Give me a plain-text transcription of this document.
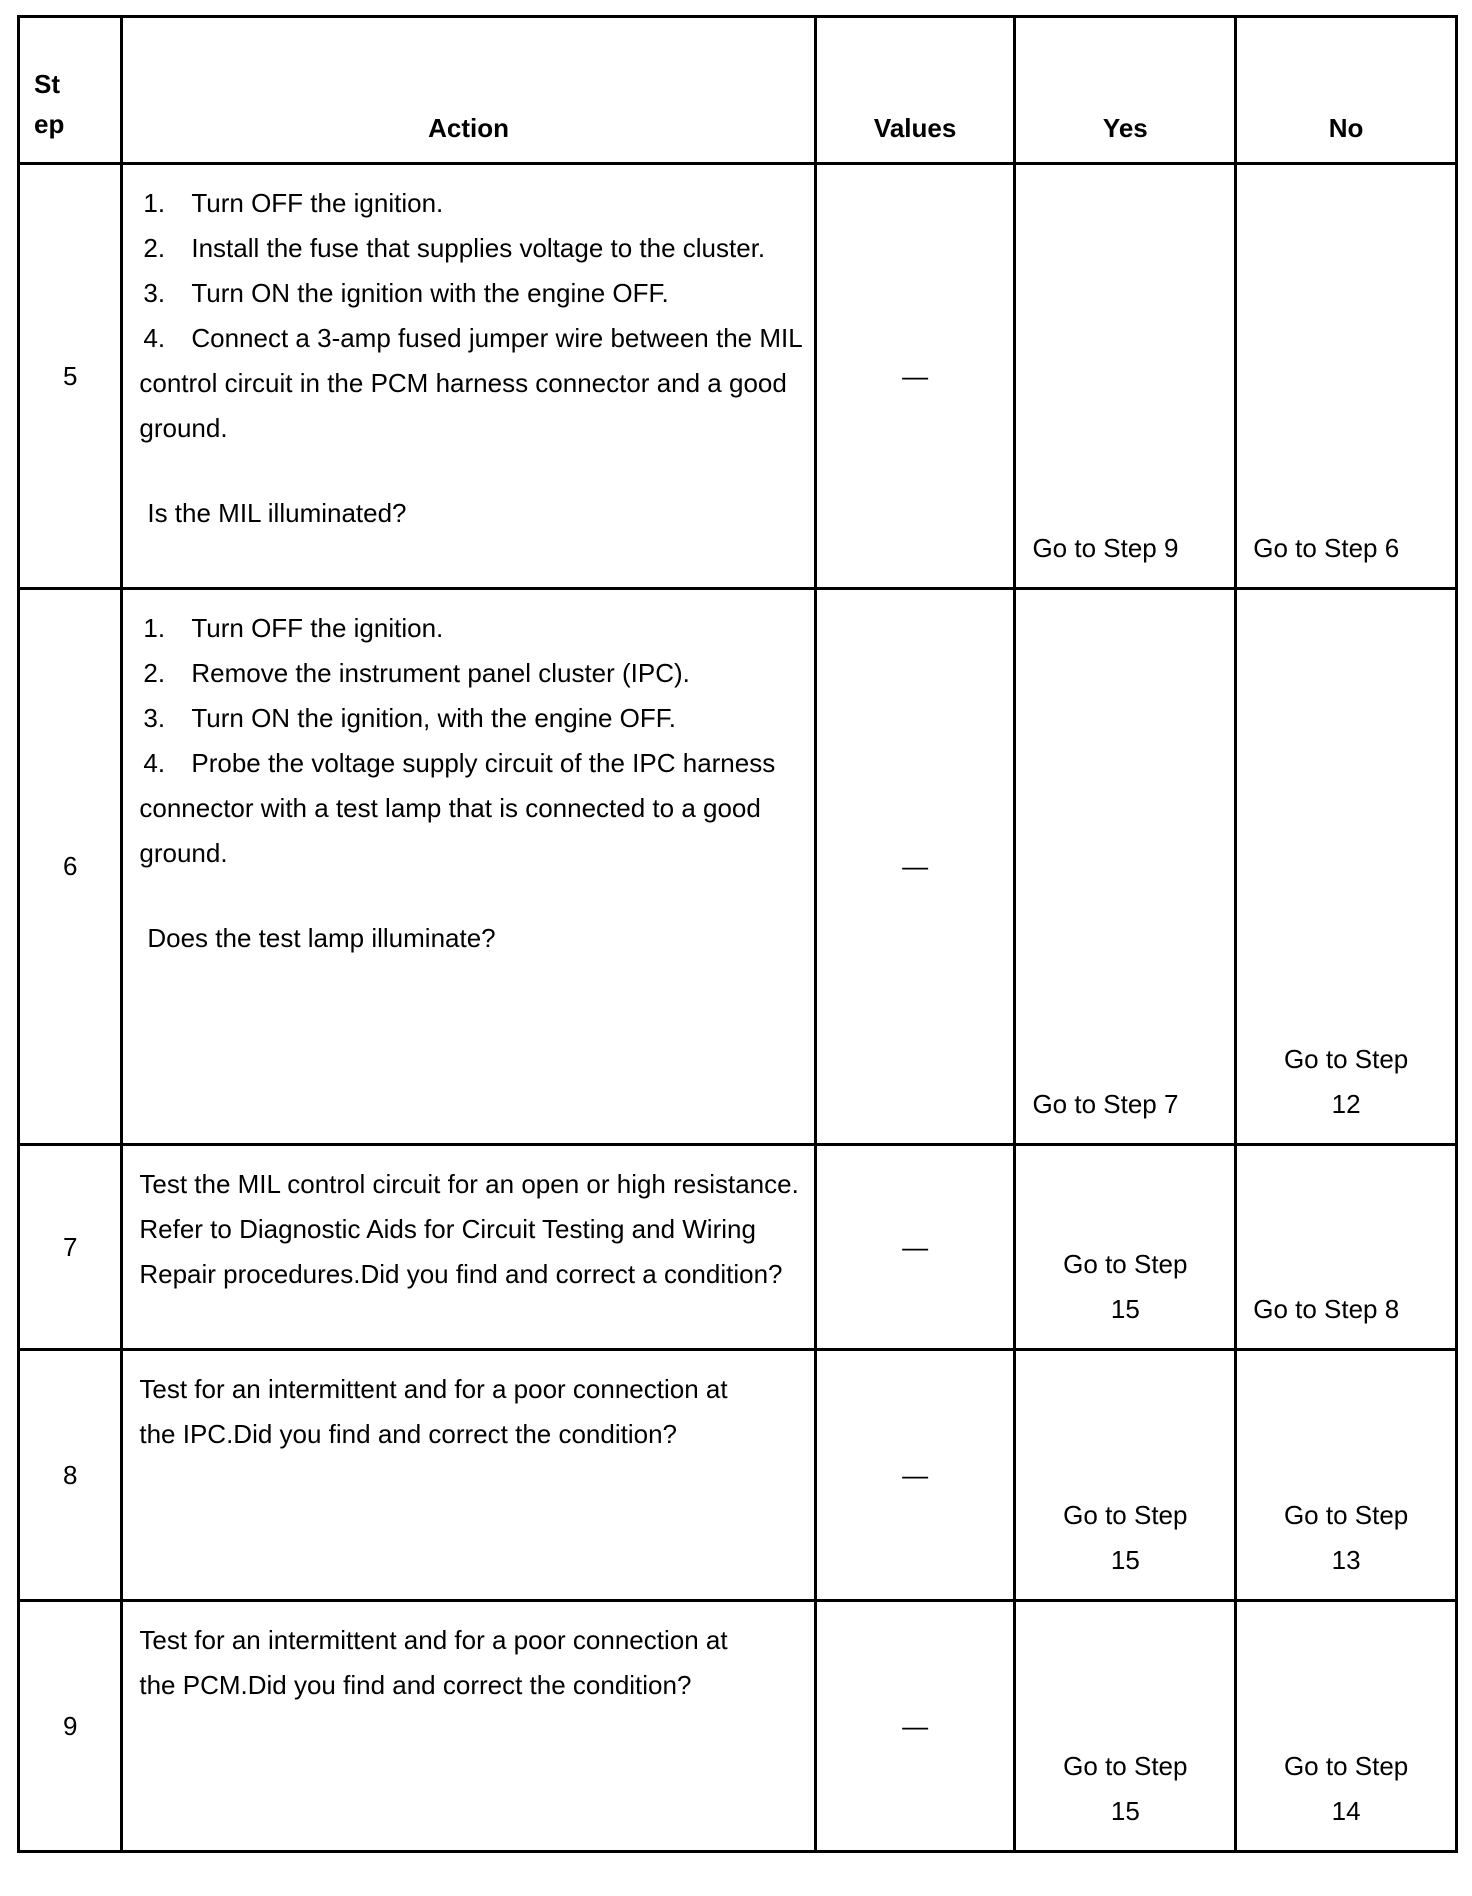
St
ep	Action	Values	Yes	No
5	1. Turn OFF the ignition.
2. Install the fuse that supplies voltage to the cluster.
3. Turn ON the ignition with the engine OFF.
4. Connect a 3-amp fused jumper wire between the MIL control circuit in the PCM harness connector and a good ground.
Is the MIL illuminated?	—	Go to Step 9	Go to Step 6
6	1. Turn OFF the ignition.
2. Remove the instrument panel cluster (IPC).
3. Turn ON the ignition, with the engine OFF.
4. Probe the voltage supply circuit of the IPC harness connector with a test lamp that is connected to a good ground.
Does the test lamp illuminate?	—	Go to Step 7	Go to Step 12
7	Test the MIL control circuit for an open or high resistance. Refer to Diagnostic Aids for Circuit Testing and Wiring Repair procedures.Did you find and correct a condition?	—	Go to Step 15	Go to Step 8
8	Test for an intermittent and for a poor connection at the IPC.Did you find and correct the condition?	—	Go to Step 15	Go to Step 13
9	Test for an intermittent and for a poor connection at the PCM.Did you find and correct the condition?	—	Go to Step 15	Go to Step 14
